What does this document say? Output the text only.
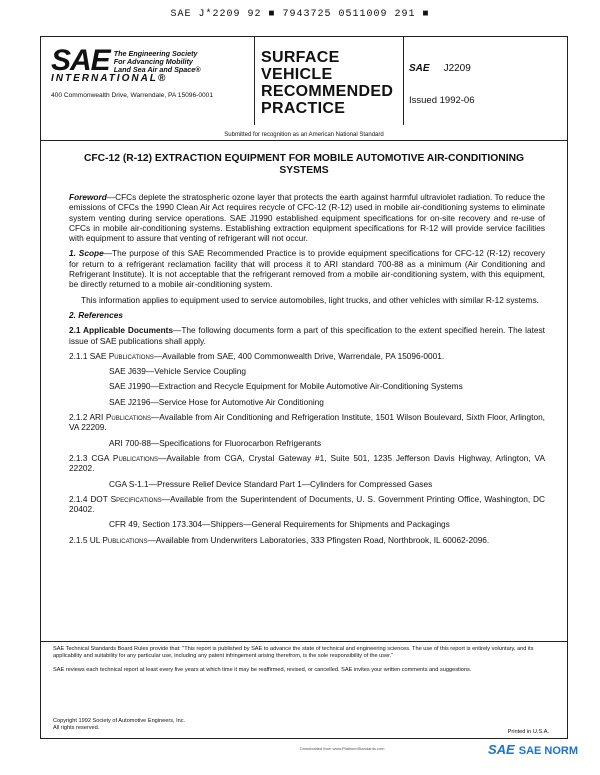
SAE J*2209 92 ■ 7943725 0511009 291 ■
SAE The Engineering Society
For Advancing Mobility
Land Sea Air and Space®
INTERNATIONAL®
400 Commonwealth Drive, Warrendale, PA 15096-0001
SURFACE
VEHICLE
RECOMMENDED
PRACTICE
SAE J2209
Issued 1992-06
Submitted for recognition as an American National Standard
CFC-12 (R-12) EXTRACTION EQUIPMENT FOR MOBILE AUTOMOTIVE AIR-CONDITIONING SYSTEMS

Foreword—CFCs deplete the stratospheric ozone layer that protects the earth against harmful ultraviolet radiation. To reduce the emissions of CFCs the 1990 Clean Air Act requires recycle of CFC-12 (R-12) used in mobile air-conditioning systems to eliminate system venting during service operations. SAE J1990 established equipment specifications for on-site recovery and re-use of CFCs in mobile air-conditioning systems. Establishing extraction equipment specifications for R-12 will provide service facilities with equipment to assure that venting of refrigerant will not occur.

1. Scope—The purpose of this SAE Recommended Practice is to provide equipment specifications for CFC-12 (R-12) recovery for return to a refrigerant reclamation facility that will process it to ARI standard 700-88 as a minimum (Air Conditioning and Refrigerant Institute). It is not acceptable that the refrigerant removed from a mobile air-conditioning system, with this equipment, be directly returned to a mobile air-conditioning system.

This information applies to equipment used to service automobiles, light trucks, and other vehicles with similar R-12 systems.

2. References

2.1 Applicable Documents—The following documents form a part of this specification to the extent specified herein. The latest issue of SAE publications shall apply.

2.1.1 SAE Publications—Available from SAE, 400 Commonwealth Drive, Warrendale, PA 15096-0001.

SAE J639—Vehicle Service Coupling

SAE J1990—Extraction and Recycle Equipment for Mobile Automotive Air-Conditioning Systems

SAE J2196—Service Hose for Automotive Air Conditioning

2.1.2 ARI Publications—Available from Air Conditioning and Refrigeration Institute, 1501 Wilson Boulevard, Sixth Floor, Arlington, VA 22209.

ARI 700-88—Specifications for Fluorocarbon Refrigerants

2.1.3 CGA Publications—Available from CGA, Crystal Gateway #1, Suite 501, 1235 Jefferson Davis Highway, Arlington, VA 22202.

CGA S-1.1—Pressure Relief Device Standard Part 1—Cylinders for Compressed Gases

2.1.4 DOT Specifications—Available from the Superintendent of Documents, U. S. Government Printing Office, Washington, DC 20402.

CFR 49, Section 173.304—Shippers—General Requirements for Shipments and Packagings

2.1.5 UL Publications—Available from Underwriters Laboratories, 333 Pfingsten Road, Northbrook, IL 60062-2096.

SAE Technical Standards Board Rules provide that: "This report is published by SAE to advance the state of technical and engineering sciences. The use of this report is entirely voluntary, and its applicability and suitability for any particular use, including any patent infringement arising therefrom, is the sole responsibility of the user."

SAE reviews each technical report at least every five years at which time it may be reaffirmed, revised, or cancelled. SAE invites your written comments and suggestions.

Copyright 1992 Society of Automotive Engineers, Inc.
All rights reserved.
Printed in U.S.A.
Downloaded from www.PlatinumStandards.com	SAE SAE NORM
